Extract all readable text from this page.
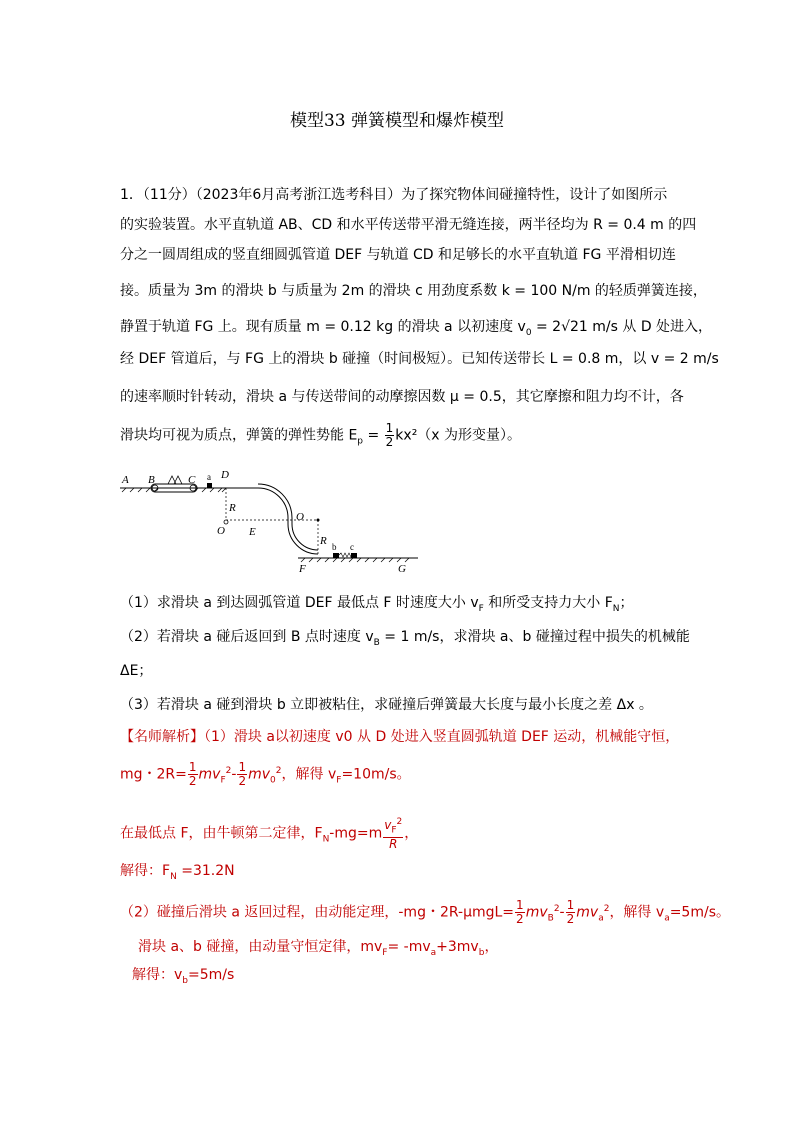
模型33 弹簧模型和爆炸模型
1．（11分）（2023年6月高考浙江选考科目）为了探究物体间碰撞特性，设计了如图所示
的实验装置。水平直轨道 AB、CD 和水平传送带平滑无缝连接，两半径均为 R = 0.4 m 的四
分之一圆周组成的竖直细圆弧管道 DEF 与轨道 CD 和足够长的水平直轨道 FG 平滑相切连
接。质量为 3m 的滑块 b 与质量为 2m 的滑块 c 用劲度系数 k = 100 N/m 的轻质弹簧连接，
静置于轨道 FG 上。现有质量 m = 0.12 kg 的滑块 a 以初速度 $v_0 = 2√21$ m/s 从 D 处进入，
经 DEF 管道后，与 FG 上的滑块 b 碰撞（时间极短）。已知传送带长 L = 0.8 m，以 v = 2 m/s
的速率顺时针转动，滑块 a 与传送带间的动摩擦因数 μ = 0.5，其它摩擦和阻力均不计，各
滑块均可视为质点，弹簧的弹性势能 $E_p = \frac{1}{2} kx^2(x$ 为形变量）。
A B	C a D
R
O E
O
R b c
F	G
（1）求滑块 a 到达圆弧管道 DEF 最低点 F 时速度大小 $v_F$ 和所受支持力大小 $F_N$；
（2）若滑块 a 碰后返回到 B 点时速度 $v_B = 1$ m/s，求滑块 a、b 碰撞过程中损失的机械能
ΔE；
（3）若滑块 a 碰到滑块 b 立即被粘住，求碰撞后弹簧最大长度与最小长度之差 Δx 。
【名师解析】（1）滑块 a以初速度 v0 从 D 处进入竖直圆弧轨道 DEF 运动，机械能守恒，
mg・$2R= \frac{1}{2} mv_F^2- \frac{1}{2} mv_0^2$，解得 $v_F=10m/s$。
在最低点 F，由牛顿第二定律，$F_N-mg=m \frac{v_F^2}{R}$ ，
解得：$F_N =31.2N$
（2）碰撞后滑块 a 返回过程，由动能定理，-mg・$2R-\mu mgL= \frac{1}{2} mv_B^2- \frac{1}{2} mv_a^2$，解得 $v_a=5m/s$。
滑块 a、b 碰撞，由动量守恒定律，$mv_F= -mv_a+3mv_b$，
解得：$v_b=5m/s$
